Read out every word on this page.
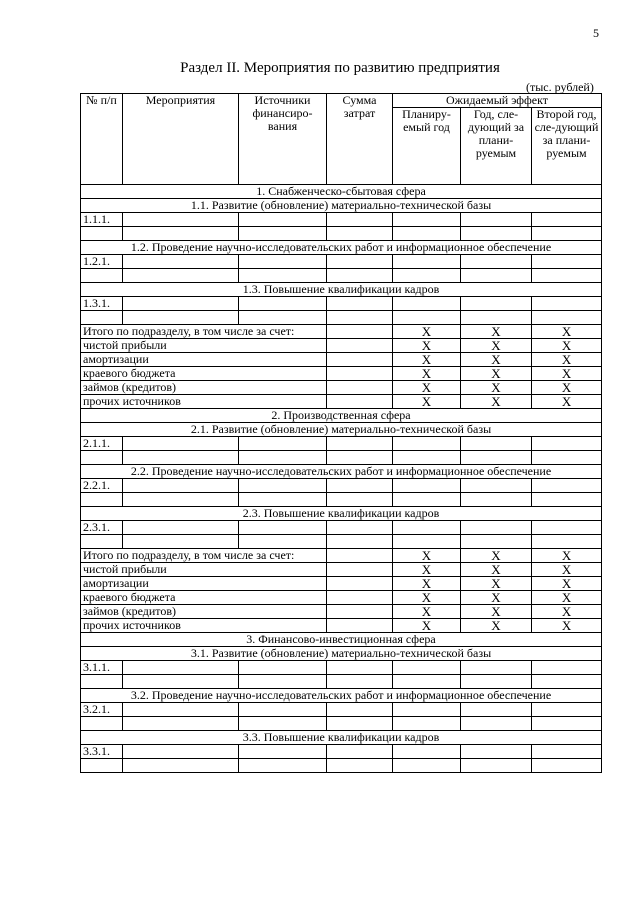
5
Раздел II. Мероприятия по развитию предприятия
(тыс. рублей)
№ п/п	Мероприятия	Источники финансиро-вания	Сумма затрат	Ожидаемый эффект		
				Планиру-емый год	Год, сле-дующий за плани-руемым	Второй год, сле-дующий за плани-руемым
1. Снабженческо-сбытовая сфера						
1.1. Развитие (обновление) материально-технической базы						
1.1.1.						

1.2. Проведение научно-исследовательских работ и информационное обеспечение						
1.2.1.						

1.3. Повышение квалификации кадров						
1.3.1.						

Итого по подразделу, в том числе за счет:				X	X	X
чистой прибыли				X	X	X
амортизации				X	X	X
краевого бюджета				X	X	X
займов (кредитов)				X	X	X
прочих источников				X	X	X
2. Производственная сфера						
2.1. Развитие (обновление) материально-технической базы						
2.1.1.						

2.2. Проведение научно-исследовательских работ и информационное обеспечение						
2.2.1.						

2.3. Повышение квалификации кадров						
2.3.1.						

Итого по подразделу, в том числе за счет:				X	X	X
чистой прибыли				X	X	X
амортизации				X	X	X
краевого бюджета				X	X	X
займов (кредитов)				X	X	X
прочих источников				X	X	X
3. Финансово-инвестиционная сфера						
3.1. Развитие (обновление) материально-технической базы						
3.1.1.						

3.2. Проведение научно-исследовательских работ и информационное обеспечение						
3.2.1.						

3.3. Повышение квалификации кадров						
3.3.1.						
